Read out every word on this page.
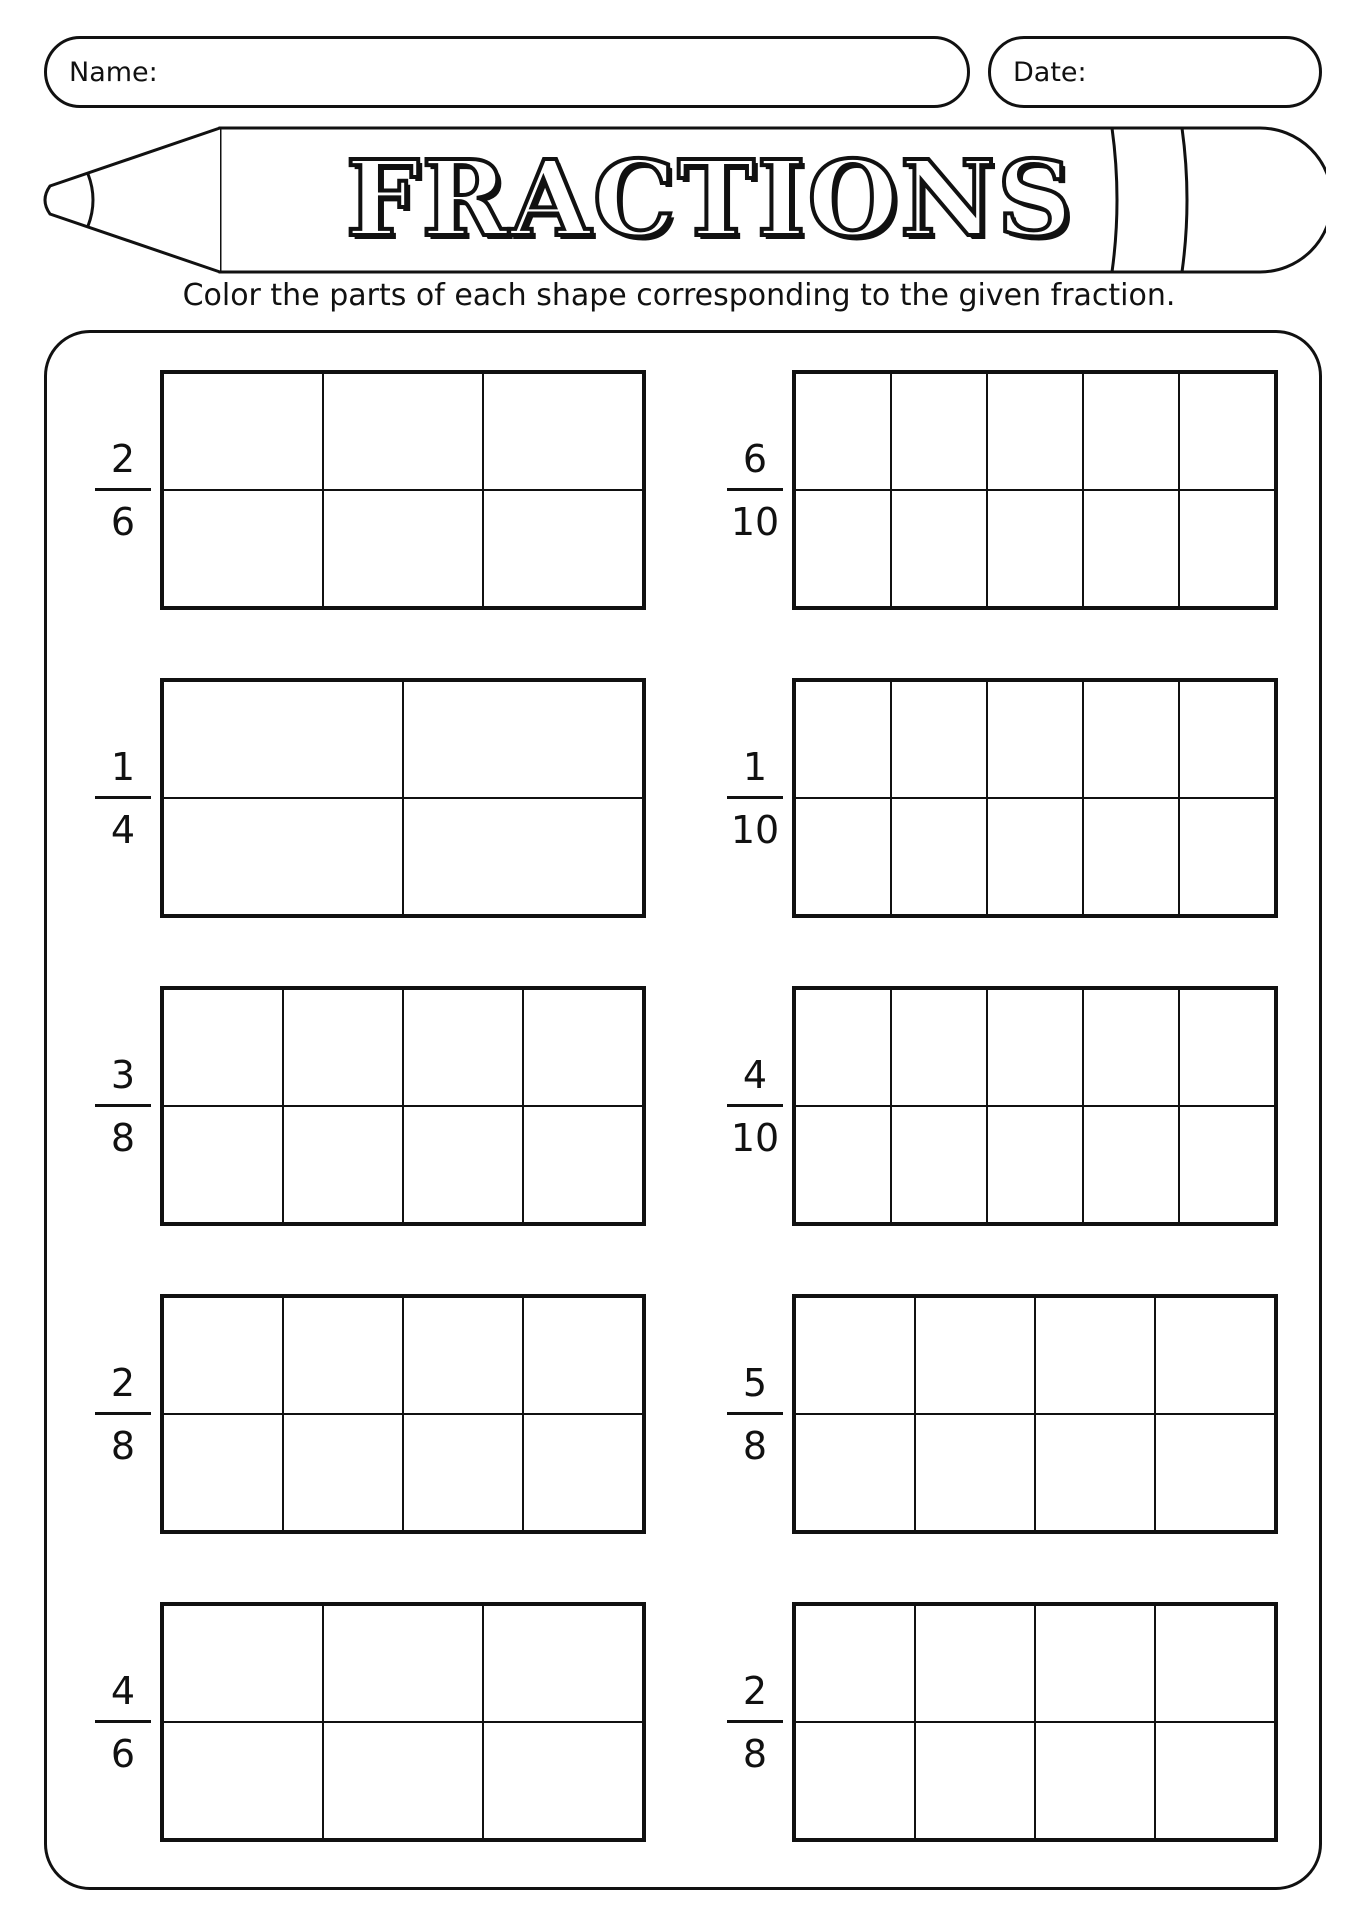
Name:	Date:
FRACTIONS
Color the parts of each shape corresponding to the given fraction.
2
6
6
10
1
4
1
10
3
8
4
10
2
8
5
8
4
6
2
8
